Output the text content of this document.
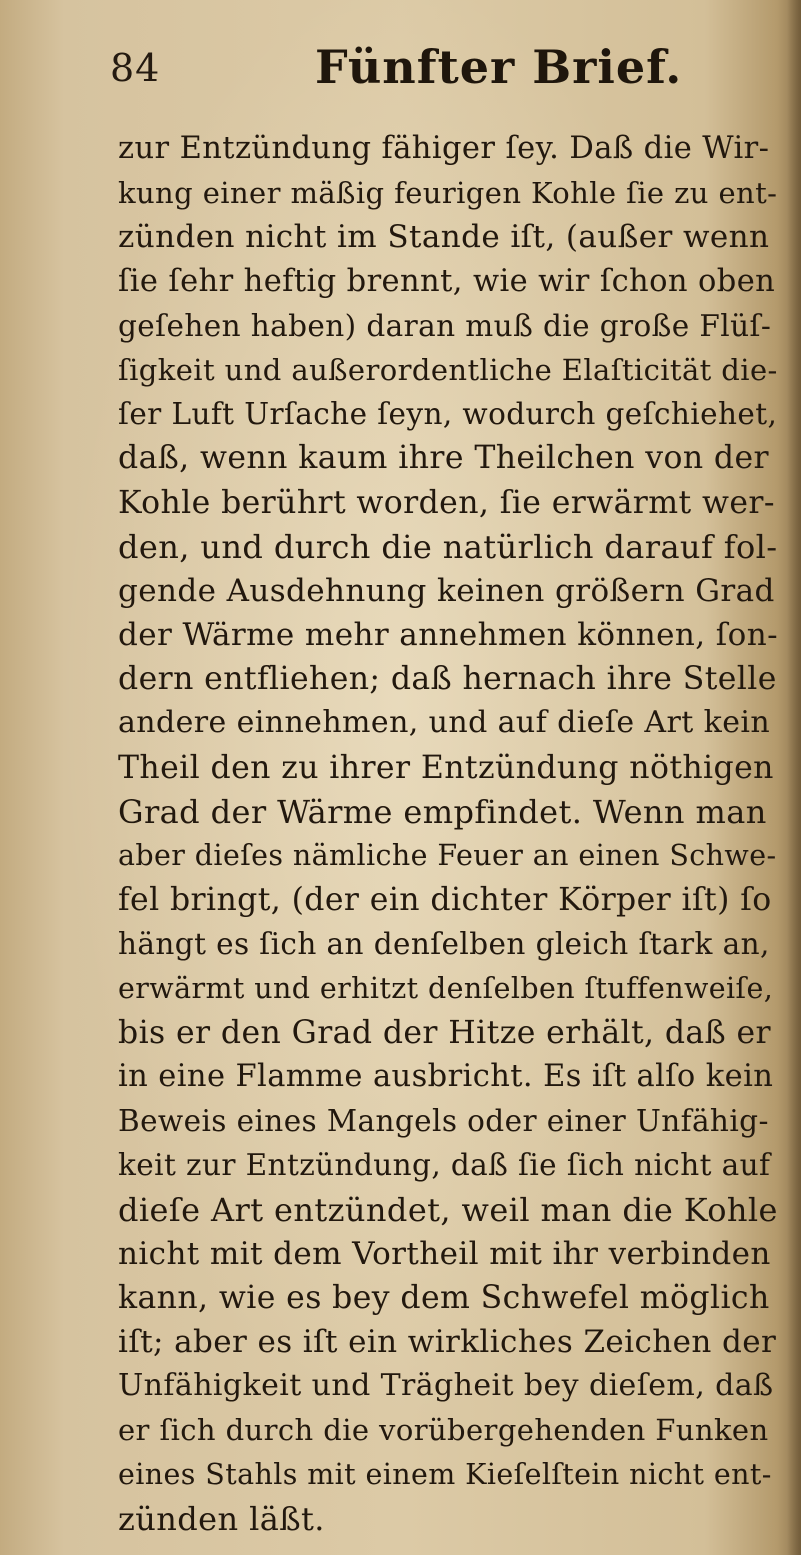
84	Fünfter Brief.
zur Entzündung fähiger ſey. Daß die Wir-
kung einer mäßig feurigen Kohle ſie zu ent-
zünden nicht im Stande iſt, (außer wenn
ſie ſehr heftig brennt, wie wir ſchon oben
geſehen haben) daran muß die große Flüſ-
ſigkeit und außerordentliche Elaſticität die-
ſer Luft Urſache ſeyn, wodurch geſchiehet,
daß, wenn kaum ihre Theilchen von der
Kohle berührt worden, ſie erwärmt wer-
den, und durch die natürlich darauf fol-
gende Ausdehnung keinen größern Grad
der Wärme mehr annehmen können, ſon-
dern entfliehen; daß hernach ihre Stelle
andere einnehmen, und auf dieſe Art kein
Theil den zu ihrer Entzündung nöthigen
Grad der Wärme empfindet. Wenn man
aber dieſes nämliche Feuer an einen Schwe-
fel bringt, (der ein dichter Körper iſt) ſo
hängt es ſich an denſelben gleich ſtark an,
erwärmt und erhitzt denſelben ſtuffenweiſe,
bis er den Grad der Hitze erhält, daß er
in eine Flamme ausbricht. Es iſt alſo kein
Beweis eines Mangels oder einer Unfähig-
keit zur Entzündung, daß ſie ſich nicht auf
dieſe Art entzündet, weil man die Kohle
nicht mit dem Vortheil mit ihr verbinden
kann, wie es bey dem Schwefel möglich
iſt; aber es iſt ein wirkliches Zeichen der
Unfähigkeit und Trägheit bey dieſem, daß
er ſich durch die vorübergehenden Funken
eines Stahls mit einem Kieſelſtein nicht ent-
zünden läßt.
